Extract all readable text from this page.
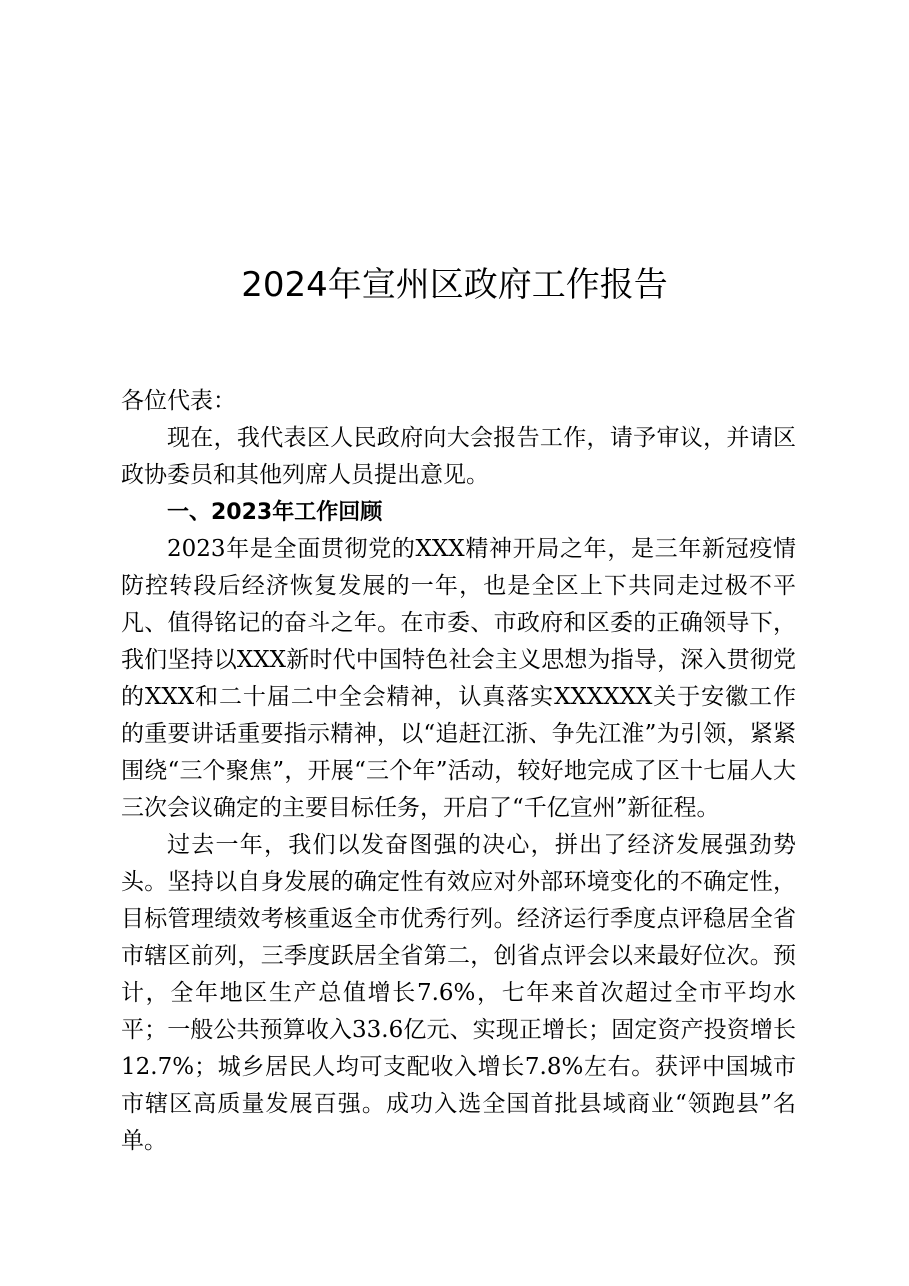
2024年宣州区政府工作报告

各位代表：

现在，我代表区人民政府向大会报告工作，请予审议，并请区政协委员和其他列席人员提出意见。

一、2023年工作回顾

2023年是全面贯彻党的XXX精神开局之年，是三年新冠疫情防控转段后经济恢复发展的一年，也是全区上下共同走过极不平凡、值得铭记的奋斗之年。在市委、市政府和区委的正确领导下，我们坚持以XXX新时代中国特色社会主义思想为指导，深入贯彻党的XXX和二十届二中全会精神，认真落实XXXXXX关于安徽工作的重要讲话重要指示精神，以“追赶江浙、争先江淮”为引领，紧紧围绕“三个聚焦”，开展“三个年”活动，较好地完成了区十七届人大三次会议确定的主要目标任务，开启了“千亿宣州”新征程。

过去一年，我们以发奋图强的决心，拼出了经济发展强劲势头。坚持以自身发展的确定性有效应对外部环境变化的不确定性，目标管理绩效考核重返全市优秀行列。经济运行季度点评稳居全省市辖区前列，三季度跃居全省第二，创省点评会以来最好位次。预计，全年地区生产总值增长7.6%，七年来首次超过全市平均水平；一般公共预算收入33.6亿元、实现正增长；固定资产投资增长12.7%；城乡居民人均可支配收入增长7.8%左右。获评中国城市市辖区高质量发展百强。成功入选全国首批县域商业“领跑县”名单。
